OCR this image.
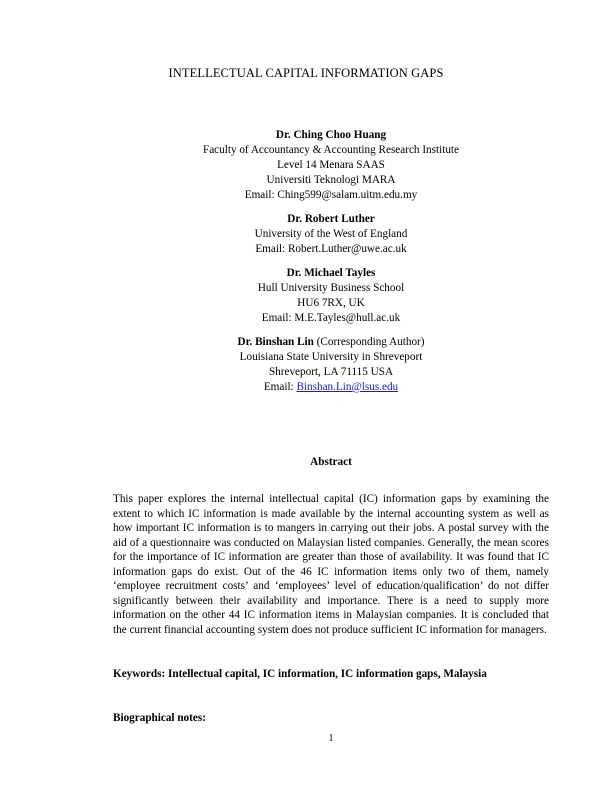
INTELLECTUAL CAPITAL INFORMATION GAPS
Dr. Ching Choo Huang
Faculty of Accountancy & Accounting Research Institute
Level 14 Menara SAAS
Universiti Teknologi MARA
Email: Ching599@salam.uitm.edu.my
Dr. Robert Luther
University of the West of England
Email: Robert.Luther@uwe.ac.uk
Dr. Michael Tayles
Hull University Business School
HU6 7RX, UK
Email: M.E.Tayles@hull.ac.uk
Dr. Binshan Lin (Corresponding Author)
Louisiana State University in Shreveport
Shreveport, LA 71115 USA
Email: Binshan.Lin@lsus.edu
Abstract
This paper explores the internal intellectual capital (IC) information gaps by examining the extent to which IC information is made available by the internal accounting system as well as how important IC information is to mangers in carrying out their jobs. A postal survey with the aid of a questionnaire was conducted on Malaysian listed companies. Generally, the mean scores for the importance of IC information are greater than those of availability. It was found that IC information gaps do exist. Out of the 46 IC information items only two of them, namely ‘employee recruitment costs’ and ‘employees’ level of education/qualification’ do not differ significantly between their availability and importance. There is a need to supply more information on the other 44 IC information items in Malaysian companies. It is concluded that the current financial accounting system does not produce sufficient IC information for managers.
Keywords: Intellectual capital, IC information, IC information gaps, Malaysia
Biographical notes:
1
